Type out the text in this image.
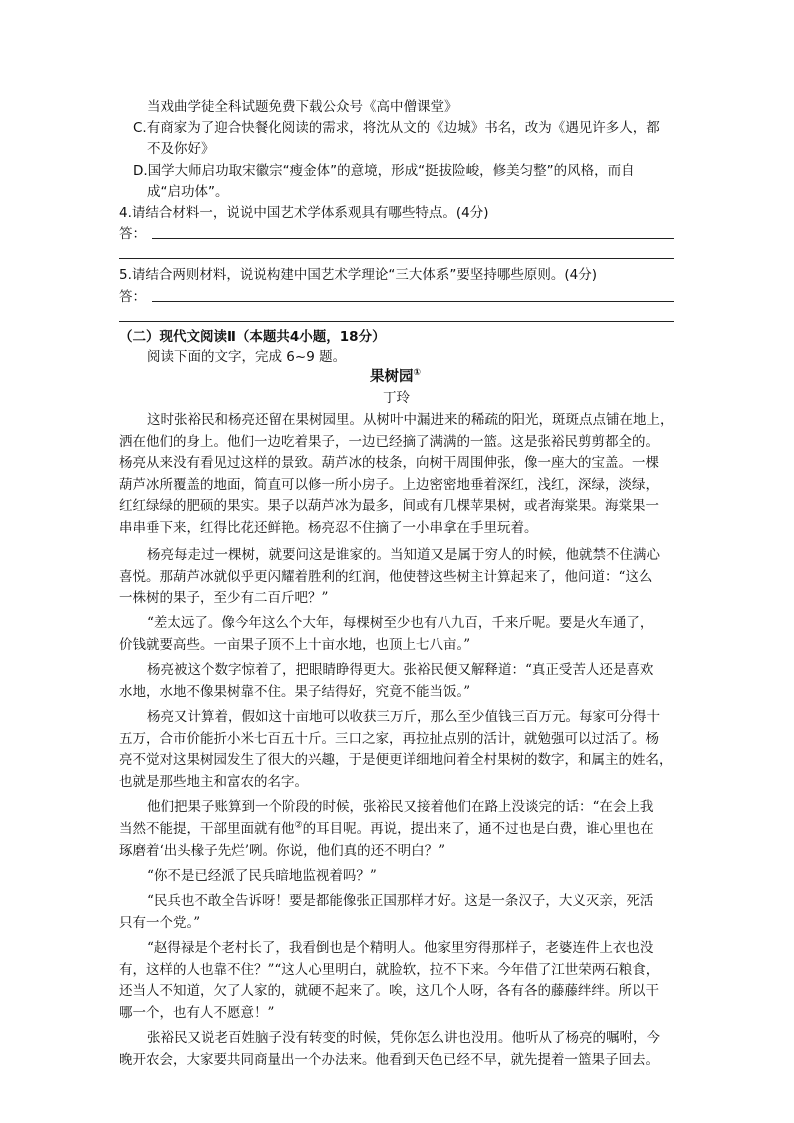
当戏曲学徒全科试题免费下载公众号《高中僧课堂》
C.有商家为了迎合快餐化阅读的需求，将沈从文的《边城》书名，改为《遇见许多人，都
不及你好》
D.国学大师启功取宋徽宗“瘦金体”的意境，形成“挺拔险峻，修美匀整”的风格，而自
成“启功体”。
4.请结合材料一，说说中国艺术学体系观具有哪些特点。(4分)
答：
5.请结合两则材料，说说构建中国艺术学理论“三大体系”要坚持哪些原则。(4分)
答：
（二）现代文阅读Ⅱ（本题共4小题，18分）
阅读下面的文字，完成 6~9 题。
果树园①
丁玲
这时张裕民和杨亮还留在果树园里。从树叶中漏进来的稀疏的阳光，斑斑点点铺在地上，
洒在他们的身上。他们一边吃着果子，一边已经摘了满满的一篮。这是张裕民剪剪都全的。
杨亮从来没有看见过这样的景致。葫芦冰的枝条，向树干周围伸张，像一座大的宝盖。一棵
葫芦冰所覆盖的地面，简直可以修一所小房子。上边密密地垂着深红，浅红，深绿，淡绿，
红红绿绿的肥硕的果实。果子以葫芦冰为最多，间或有几棵苹果树，或者海棠果。海棠果一
串串垂下来，红得比花还鲜艳。杨亮忍不住摘了一小串拿在手里玩着。
杨亮每走过一棵树，就要问这是谁家的。当知道又是属于穷人的时候，他就禁不住满心
喜悦。那葫芦冰就似乎更闪耀着胜利的红润，他使替这些树主计算起来了，他问道：“这么
一株树的果子，至少有二百斤吧？”
“差太远了。像今年这么个大年，每棵树至少也有八九百，千来斤呢。要是火车通了，
价钱就要高些。一亩果子顶不上十亩水地，也顶上七八亩。”
杨亮被这个数字惊着了，把眼睛睁得更大。张裕民便又解释道：“真正受苦人还是喜欢
水地，水地不像果树靠不住。果子结得好，究竟不能当饭。”
杨亮又计算着，假如这十亩地可以收获三万斤，那么至少值钱三百万元。每家可分得十
五万，合市价能折小米七百五十斤。三口之家，再拉扯点别的活计，就勉强可以过活了。杨
亮不觉对这果树园发生了很大的兴趣，于是便更详细地问着全村果树的数字，和属主的姓名，
也就是那些地主和富农的名字。
他们把果子账算到一个阶段的时候，张裕民又接着他们在路上没谈完的话：“在会上我
当然不能提，干部里面就有他②的耳目呢。再说，提出来了，通不过也是白费，谁心里也在
琢磨着‘出头椽子先烂’咧。你说，他们真的还不明白？”
“你不是已经派了民兵暗地监视着吗？”
“民兵也不敢全告诉呀！要是都能像张正国那样才好。这是一条汉子，大义灭亲，死活
只有一个党。”
“赵得禄是个老村长了，我看倒也是个精明人。他家里穷得那样子，老婆连件上衣也没
有，这样的人也靠不住？”“这人心里明白，就脸软，拉不下来。今年借了江世荣两石粮食，
还当人不知道，欠了人家的，就硬不起来了。唉，这几个人呀，各有各的藤藤绊绊。所以干
哪一个，也有人不愿意！”
张裕民又说老百姓脑子没有转变的时候，凭你怎么讲也没用。他听从了杨亮的嘱咐，今
晚开农会，大家要共同商量出一个办法来。他看到天色已经不早，就先提着一篮果子回去。
